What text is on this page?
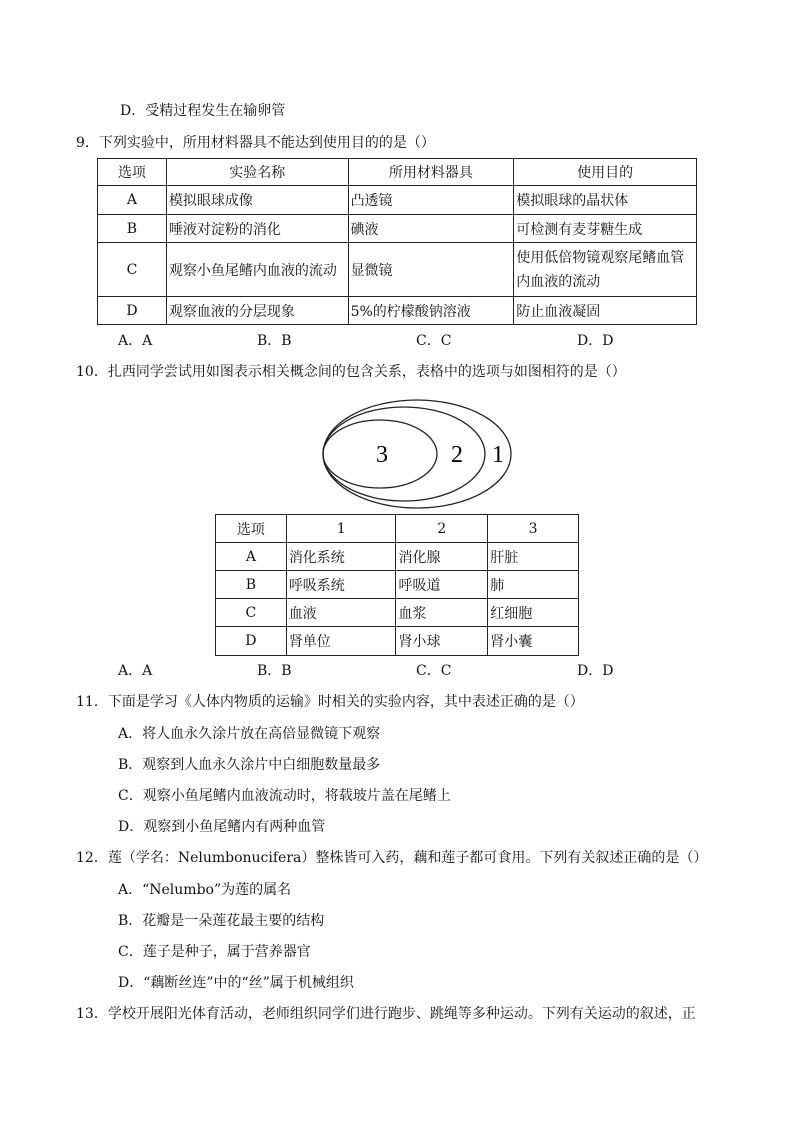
D．受精过程发生在输卵管
9．下列实验中，所用材料器具不能达到使用目的的是（）
选项	实验名称	所用材料器具	使用目的
A	模拟眼球成像	凸透镜	模拟眼球的晶状体
B	唾液对淀粉的消化	碘液	可检测有麦芽糖生成
C	观察小鱼尾鳍内血液的流动	显微镜	使用低倍物镜观察尾鳍血管
内血液的流动

D	观察血液的分层现象	5%的柠檬酸钠溶液	防止血液凝固
A．A	B．B	C．C	D．D
10．扎西同学尝试用如图表示相关概念间的包含关系，表格中的选项与如图相符的是（）
3	2 1
选项	1	2	3
A	消化系统	消化腺	肝脏
B	呼吸系统	呼吸道	肺
C	血液	血浆	红细胞
D	肾单位	肾小球	肾小囊
A．A	B．B	C．C	D．D
11．下面是学习《人体内物质的运输》时相关的实验内容，其中表述正确的是（）
A．将人血永久涂片放在高倍显微镜下观察
B．观察到人血永久涂片中白细胞数量最多
C．观察小鱼尾鳍内血液流动时，将载玻片盖在尾鳍上
D．观察到小鱼尾鳍内有两种血管
12．莲（学名：Nelumbonucifera）整株皆可入药，藕和莲子都可食用。下列有关叙述正确的是（）
A．“Nelumbo”为莲的属名
B．花瓣是一朵莲花最主要的结构
C．莲子是种子，属于营养器官
D．“藕断丝连”中的“丝”属于机械组织
13．学校开展阳光体育活动，老师组织同学们进行跑步、跳绳等多种运动。下列有关运动的叙述，正
